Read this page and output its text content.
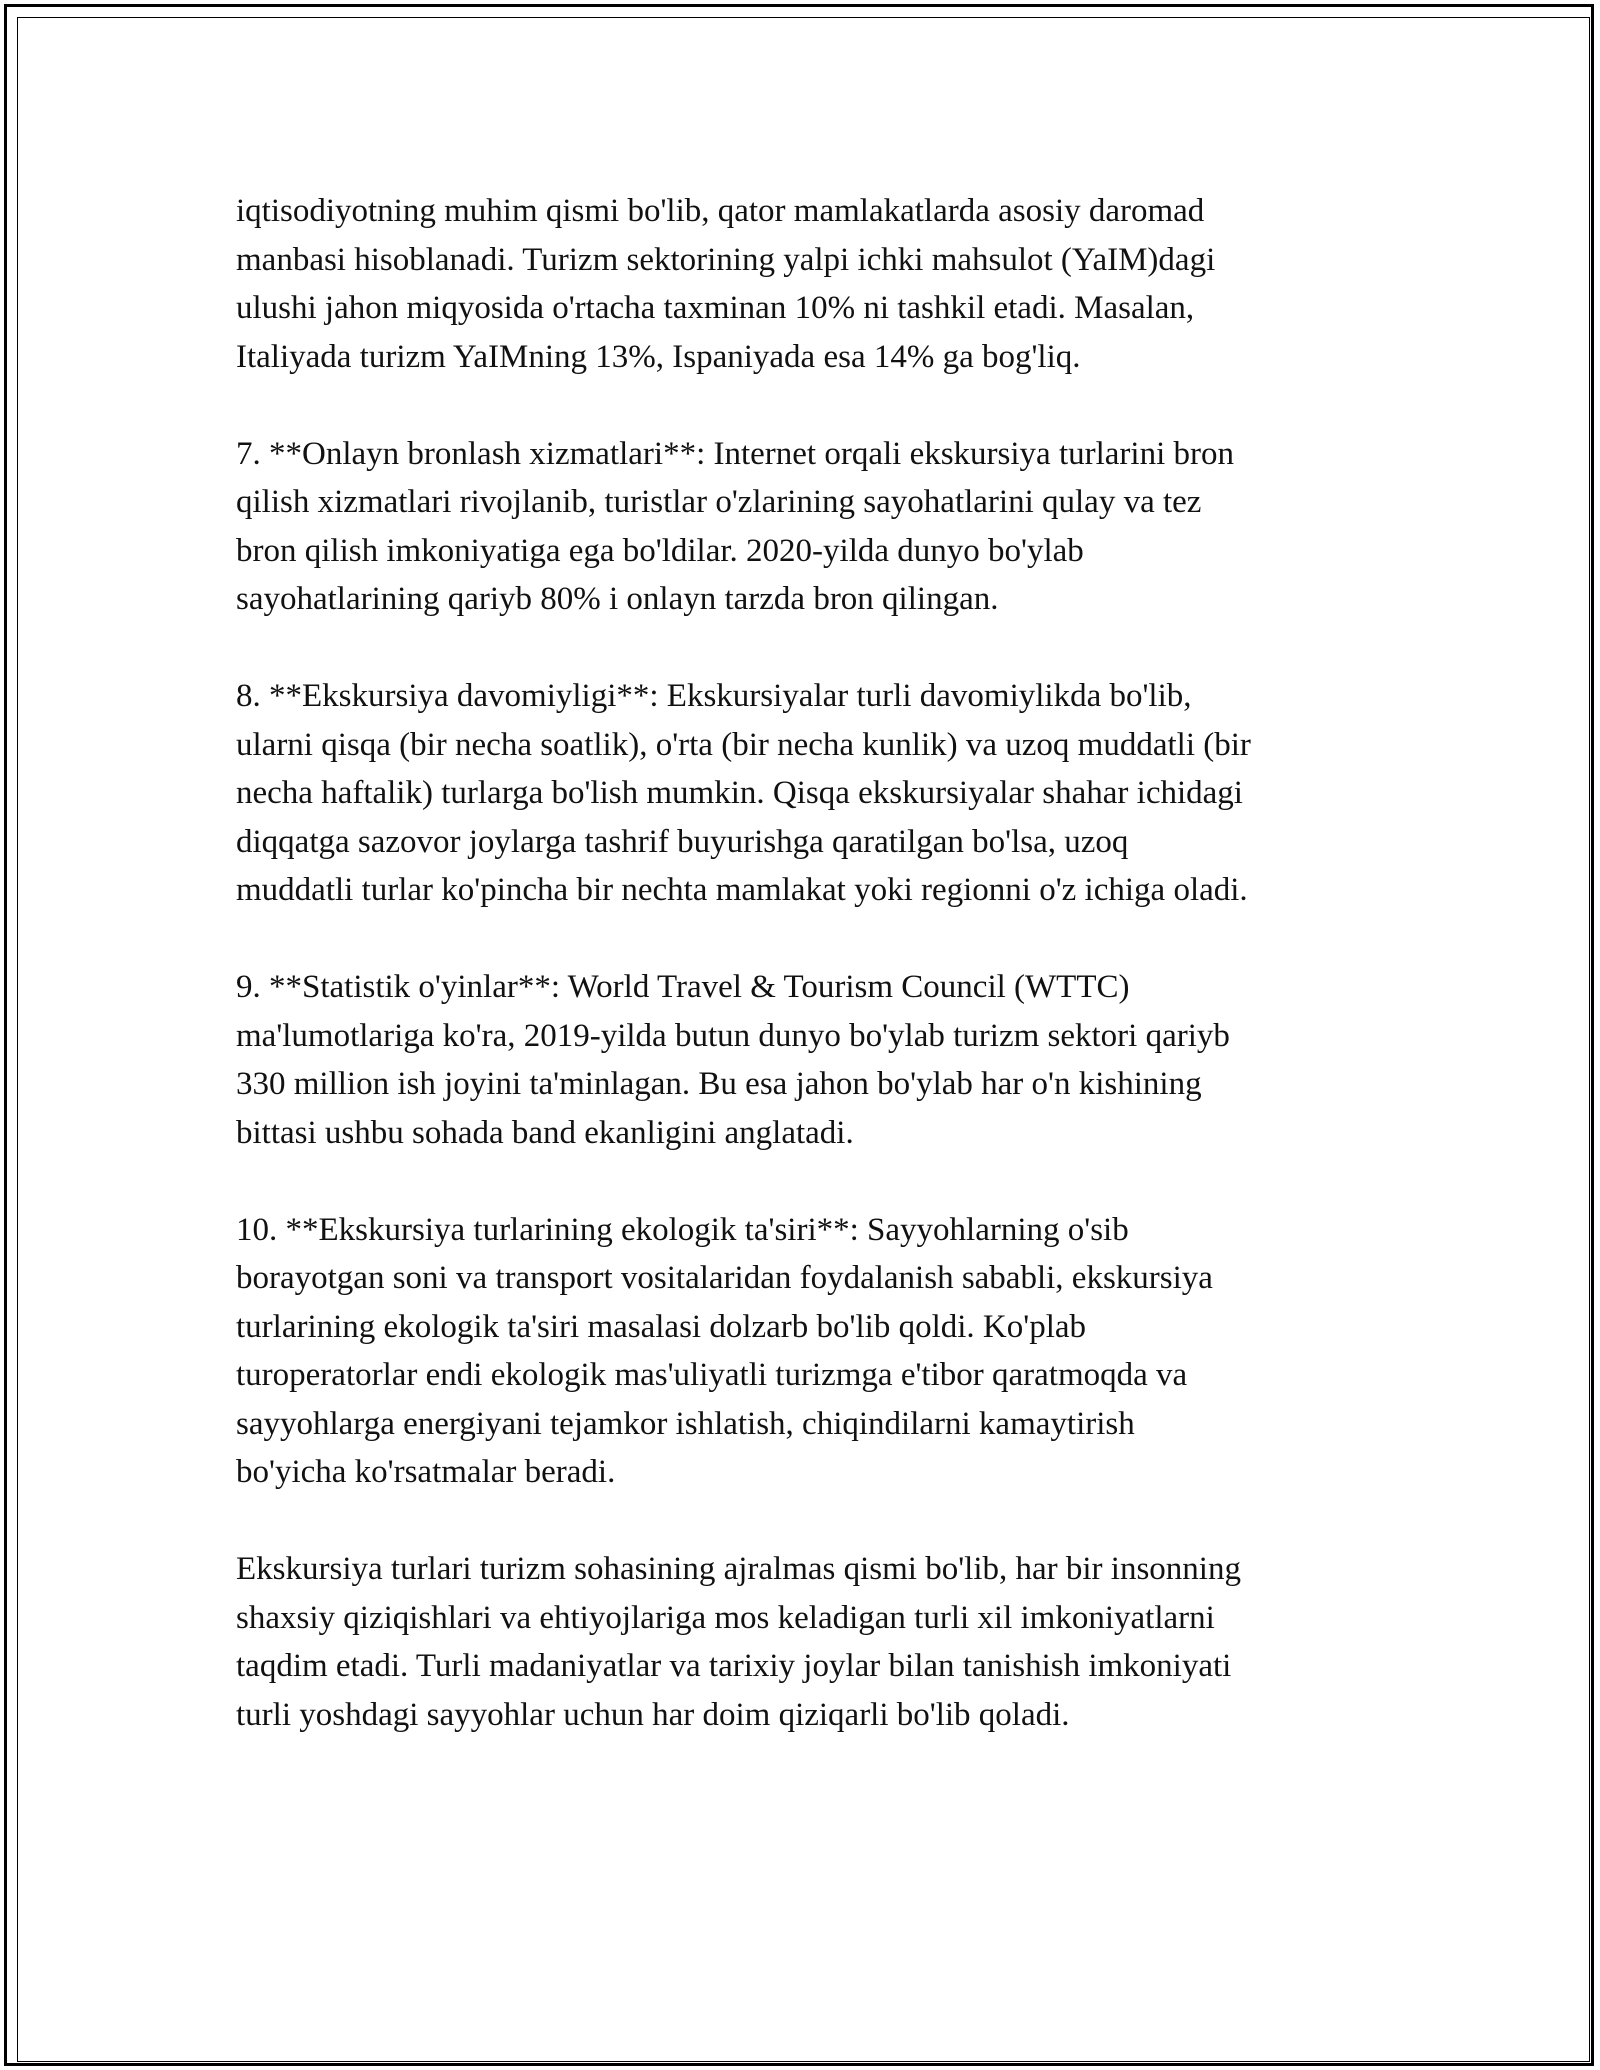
iqtisodiyotning muhim qismi bo'lib, qator mamlakatlarda asosiy daromad
manbasi hisoblanadi. Turizm sektorining yalpi ichki mahsulot (YaIM)dagi
ulushi jahon miqyosida o'rtacha taxminan 10% ni tashkil etadi. Masalan,
Italiyada turizm YaIMning 13%, Ispaniyada esa 14% ga bog'liq.

7. **Onlayn bronlash xizmatlari**: Internet orqali ekskursiya turlarini bron
qilish xizmatlari rivojlanib, turistlar o'zlarining sayohatlarini qulay va tez
bron qilish imkoniyatiga ega bo'ldilar. 2020-yilda dunyo bo'ylab
sayohatlarining qariyb 80% i onlayn tarzda bron qilingan.

8. **Ekskursiya davomiyligi**: Ekskursiyalar turli davomiylikda bo'lib,
ularni qisqa (bir necha soatlik), o'rta (bir necha kunlik) va uzoq muddatli (bir
necha haftalik) turlarga bo'lish mumkin. Qisqa ekskursiyalar shahar ichidagi
diqqatga sazovor joylarga tashrif buyurishga qaratilgan bo'lsa, uzoq
muddatli turlar ko'pincha bir nechta mamlakat yoki regionni o'z ichiga oladi.

9. **Statistik o'yinlar**: World Travel & Tourism Council (WTTC)
ma'lumotlariga ko'ra, 2019-yilda butun dunyo bo'ylab turizm sektori qariyb
330 million ish joyini ta'minlagan. Bu esa jahon bo'ylab har o'n kishining
bittasi ushbu sohada band ekanligini anglatadi.

10. **Ekskursiya turlarining ekologik ta'siri**: Sayyohlarning o'sib
borayotgan soni va transport vositalaridan foydalanish sababli, ekskursiya
turlarining ekologik ta'siri masalasi dolzarb bo'lib qoldi. Ko'plab
turoperatorlar endi ekologik mas'uliyatli turizmga e'tibor qaratmoqda va
sayyohlarga energiyani tejamkor ishlatish, chiqindilarni kamaytirish
bo'yicha ko'rsatmalar beradi.

Ekskursiya turlari turizm sohasining ajralmas qismi bo'lib, har bir insonning
shaxsiy qiziqishlari va ehtiyojlariga mos keladigan turli xil imkoniyatlarni
taqdim etadi. Turli madaniyatlar va tarixiy joylar bilan tanishish imkoniyati
turli yoshdagi sayyohlar uchun har doim qiziqarli bo'lib qoladi.
